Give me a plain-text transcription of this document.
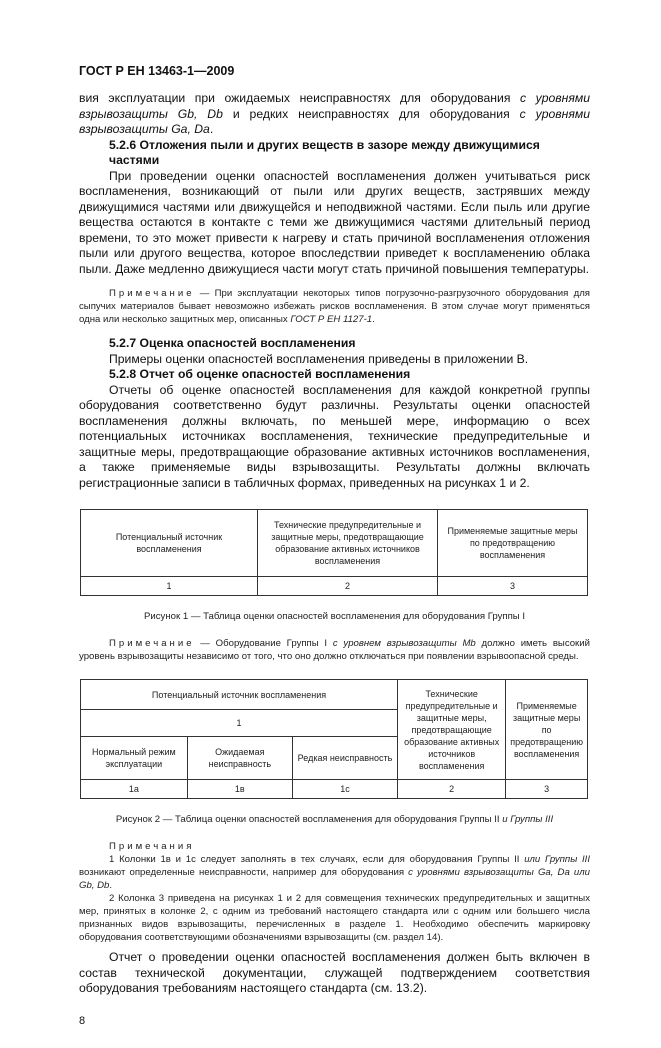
ГОСТ Р ЕН 13463-1—2009
вия эксплуатации при ожидаемых неисправностях для оборудования с уровнями взрывозащиты Gb, Db и редких неисправностях для оборудования с уровнями взрывозащиты Ga, Da.
5.2.6 Отложения пыли и других веществ в зазоре между движущимися частями
При проведении оценки опасностей воспламенения должен учитываться риск воспламенения, возникающий от пыли или других веществ, застрявших между движущимися частями или движущейся и неподвижной частями. Если пыль или другие вещества остаются в контакте с теми же движущимися частями длительный период времени, то это может привести к нагреву и стать причиной воспламенения отложения пыли или другого вещества, которое впоследствии приведет к воспламенению облака пыли. Даже медленно движущиеся части могут стать причиной повышения температуры.
Примечание — При эксплуатации некоторых типов погрузочно-разгрузочного оборудования для сыпучих материалов бывает невозможно избежать рисков воспламенения. В этом случае могут применяться одна или несколько защитных мер, описанных ГОСТ Р ЕН 1127-1.
5.2.7 Оценка опасностей воспламенения
Примеры оценки опасностей воспламенения приведены в приложении В.
5.2.8 Отчет об оценке опасностей воспламенения
Отчеты об оценке опасностей воспламенения для каждой конкретной группы оборудования соответственно будут различны. Результаты оценки опасностей воспламенения должны включать, по меньшей мере, информацию о всех потенциальных источниках воспламенения, технические предупредительные и защитные меры, предотвращающие образование активных источников воспламенения, а также применяемые виды взрывозащиты. Результаты должны включать регистрационные записи в табличных формах, приведенных на рисунках 1 и 2.
Потенциальный источник воспламенения	Технические предупредительные и защитные меры, предотвращающие образование активных источников воспламенения	Применяемые защитные меры по предотвращению воспламенения
1	2	3
Рисунок 1 — Таблица оценки опасностей воспламенения для оборудования Группы I
Примечание — Оборудование Группы I с уровнем взрывозащиты Mb должно иметь высокий уровень взрывозащиты независимо от того, что оно должно отключаться при появлении взрывоопасной среды.
Потенциальный источник воспламенения			Технические предупредительные и защитные меры, предотвращающие образование активных источников воспламенения	Применяемые защитные меры по предотвращению воспламенения
1				
Нормальный режим эксплуатации	Ожидаемая неисправность	Редкая неисправность		
1а	1в	1с	2	3
Рисунок 2 — Таблица оценки опасностей воспламенения для оборудования Группы II и Группы III
Примечания
1 Колонки 1в и 1с следует заполнять в тех случаях, если для оборудования Группы II или Группы III возникают определенные неисправности, например для оборудования с уровнями взрывозащиты Ga, Da или Gb, Db.
2 Колонка 3 приведена на рисунках 1 и 2 для совмещения технических предупредительных и защитных мер, принятых в колонке 2, с одним из требований настоящего стандарта или с одним или большего числа признанных видов взрывозащиты, перечисленных в разделе 1. Необходимо обеспечить маркировку оборудования соответствующими обозначениями взрывозащиты (см. раздел 14).
Отчет о проведении оценки опасностей воспламенения должен быть включен в состав технической документации, служащей подтверждением соответствия оборудования требованиям настоящего стандарта (см. 13.2).
8
